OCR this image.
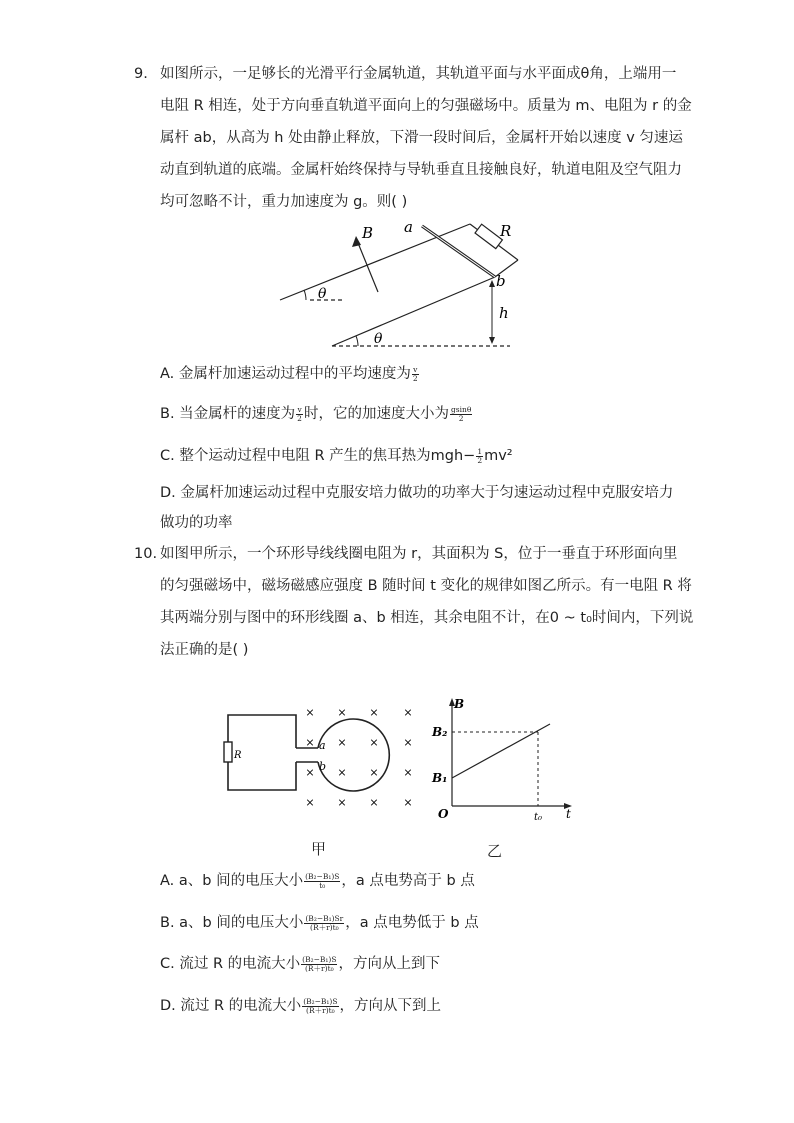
9. 如图所示，一足够长的光滑平行金属轨道，其轨道平面与水平面成θ角，上端用一
电阻 R 相连，处于方向垂直轨道平面向上的匀强磁场中。质量为 m、电阻为 r 的金
属杆 ab，从高为 h 处由静止释放，下滑一段时间后，金属杆开始以速度 v 匀速运
动直到轨道的底端。金属杆始终保持与导轨垂直且接触良好，轨道电阻及空气阻力
均可忽略不计，重力加速度为 g。则( )
B a	R
b
θ
θ
h
A. 金属杆加速运动过程中的平均速度为 $\frac{v}{2}$
B. 当金属杆的速度为 $\frac{v}{2}$ 时，它的加速度大小为 $\frac{gsin\theta}{2}$
C. 整个运动过程中电阻 R 产生的焦耳热为$mgh- \frac{1}{2} mv^2$
D. 金属杆加速运动过程中克服安培力做功的功率大于匀速运动过程中克服安培力
做功的功率
10. 如图甲所示，一个环形导线线圈电阻为 r，其面积为 S，位于一垂直于环形面向里
的匀强磁场中，磁场磁感应强度 B 随时间 t 变化的规律如图乙所示。有一电阻 R 将
其两端分别与图中的环形线圈 a、b 相连，其余电阻不计，在0 ~ t₀时间内，下列说
法正确的是( )
R
a
b
× × × ×
× × × ×
× × × ×
× × × ×
B
B₂
B₁
O	t₀ t
甲	乙
A. a、b 间的电压大小 $\frac{\text{(B₂−B₁)S}}{\text{t₀}}$ ，a 点电势高于 b 点
B. a、b 间的电压大小 $\frac{\text{(B₂−B₁)Sr}}{\text{(R＋r)t₀}}$ ，a 点电势低于 b 点
C. 流过 R 的电流大小 $\frac{\text{(B₂−B₁)S}}{\text{(R＋r)t₀}}$ ，方向从上到下
D. 流过 R 的电流大小 $\frac{\text{(B₂−B₁)S}}{\text{(R＋r)t₀}}$ ，方向从下到上
